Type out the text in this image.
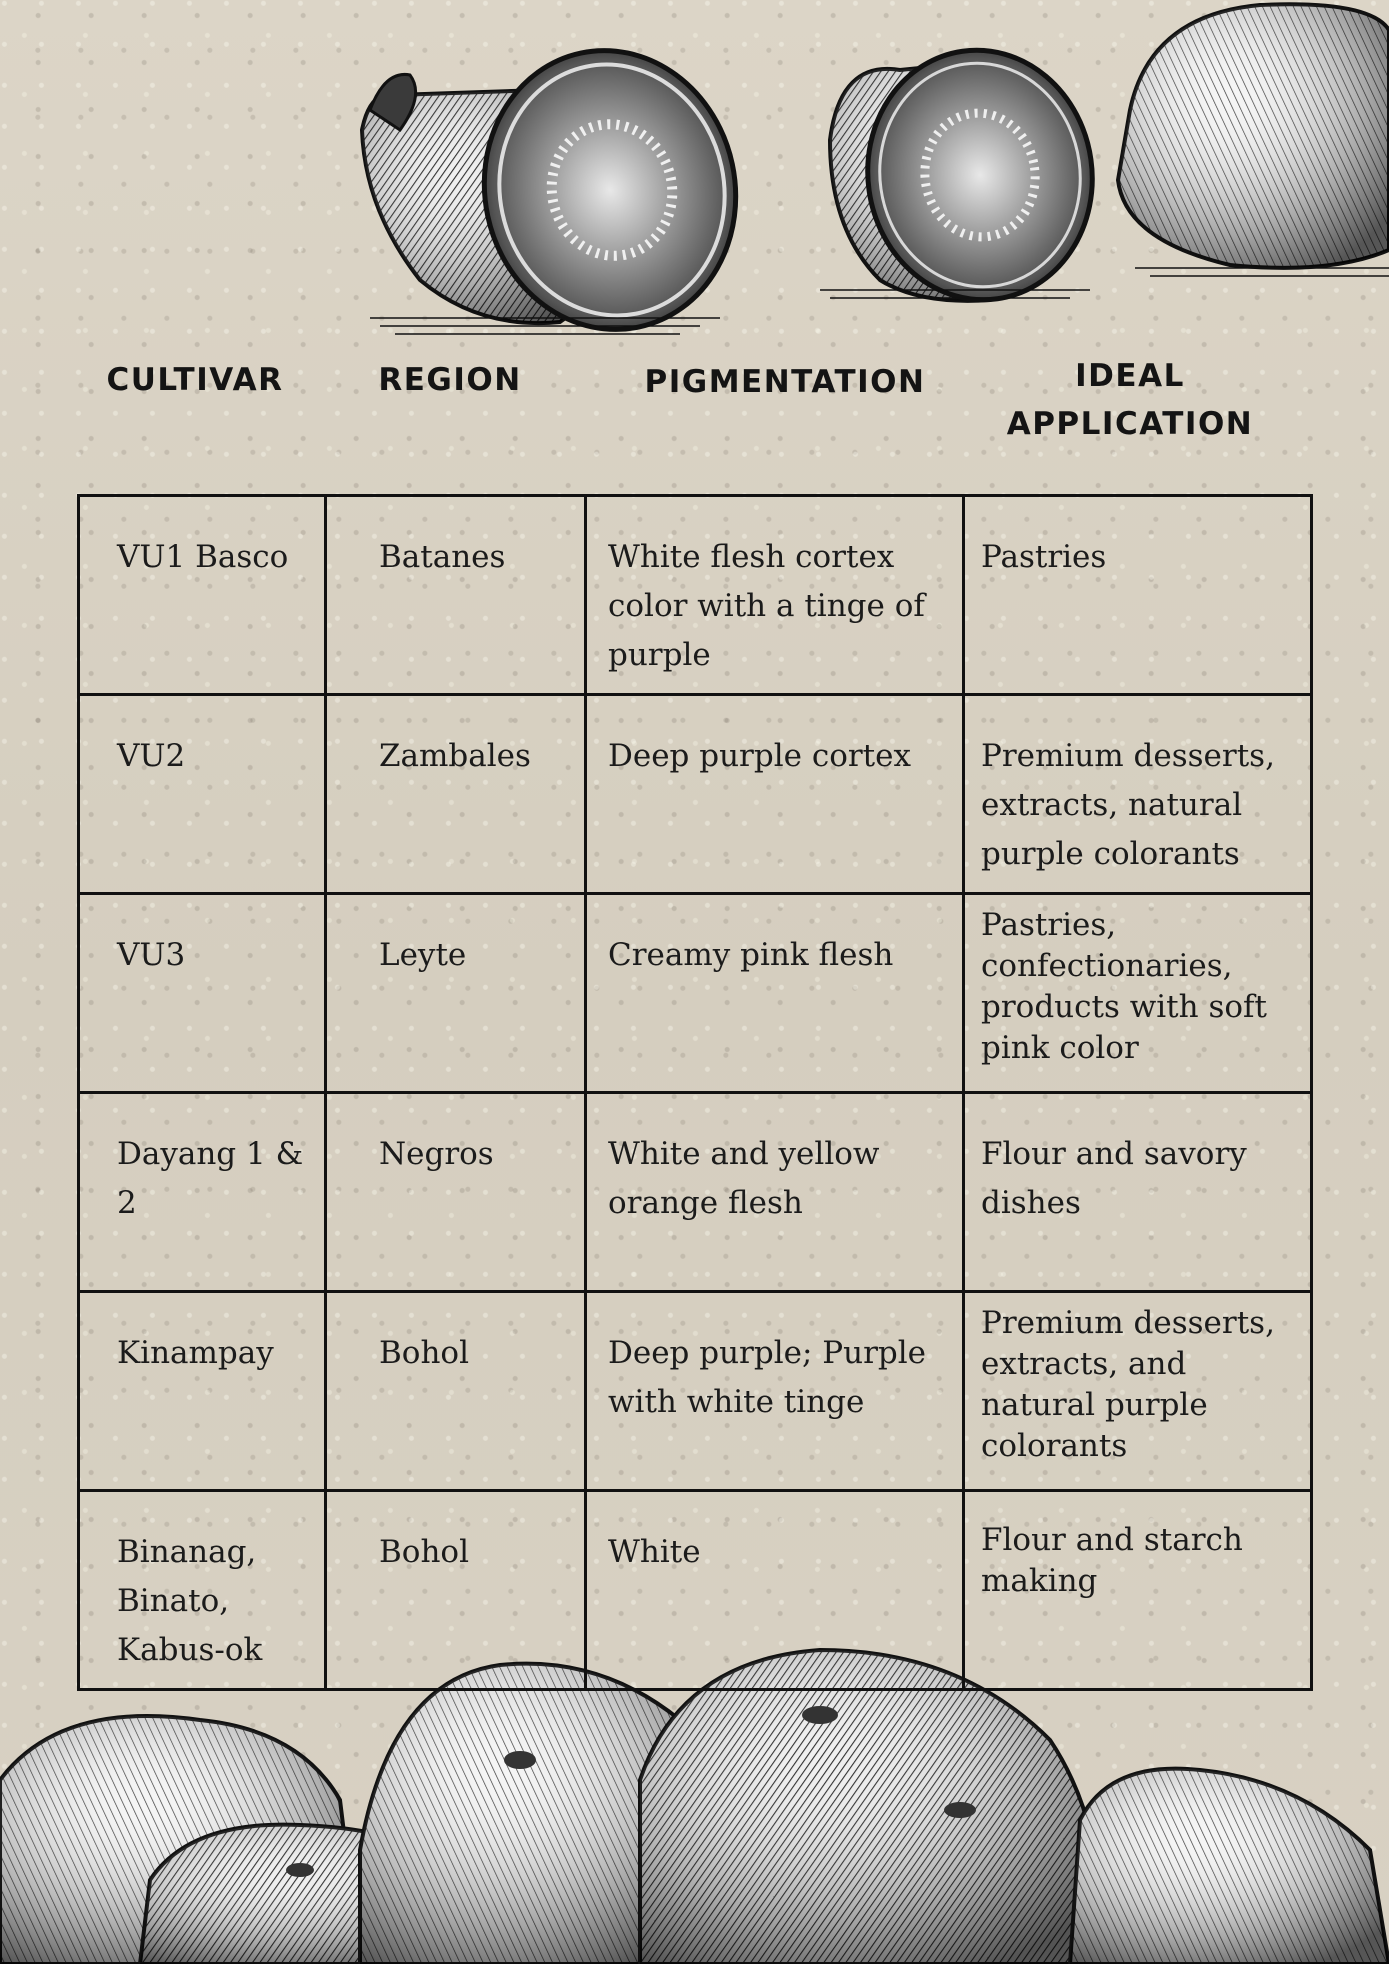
CULTIVAR	REGION	PIGMENTATION	IDEAL APPLICATION
VU1 Basco	Batanes	White flesh cortex color with a tinge of purple	Pastries

VU2	Zambales	Deep purple cortex	Premium desserts, extracts, natural purple colorants

VU3	Leyte	Creamy pink flesh	Pastries, confectionaries, products with soft pink color

Dayang 1 & 2	Negros	White and yellow orange flesh	Flour and savory dishes

Kinampay	Bohol	Deep purple; Purple with white tinge	Premium desserts, extracts, and natural purple colorants

Binanag, Binato, Kabus-ok	Bohol	White	Flour and starch making
